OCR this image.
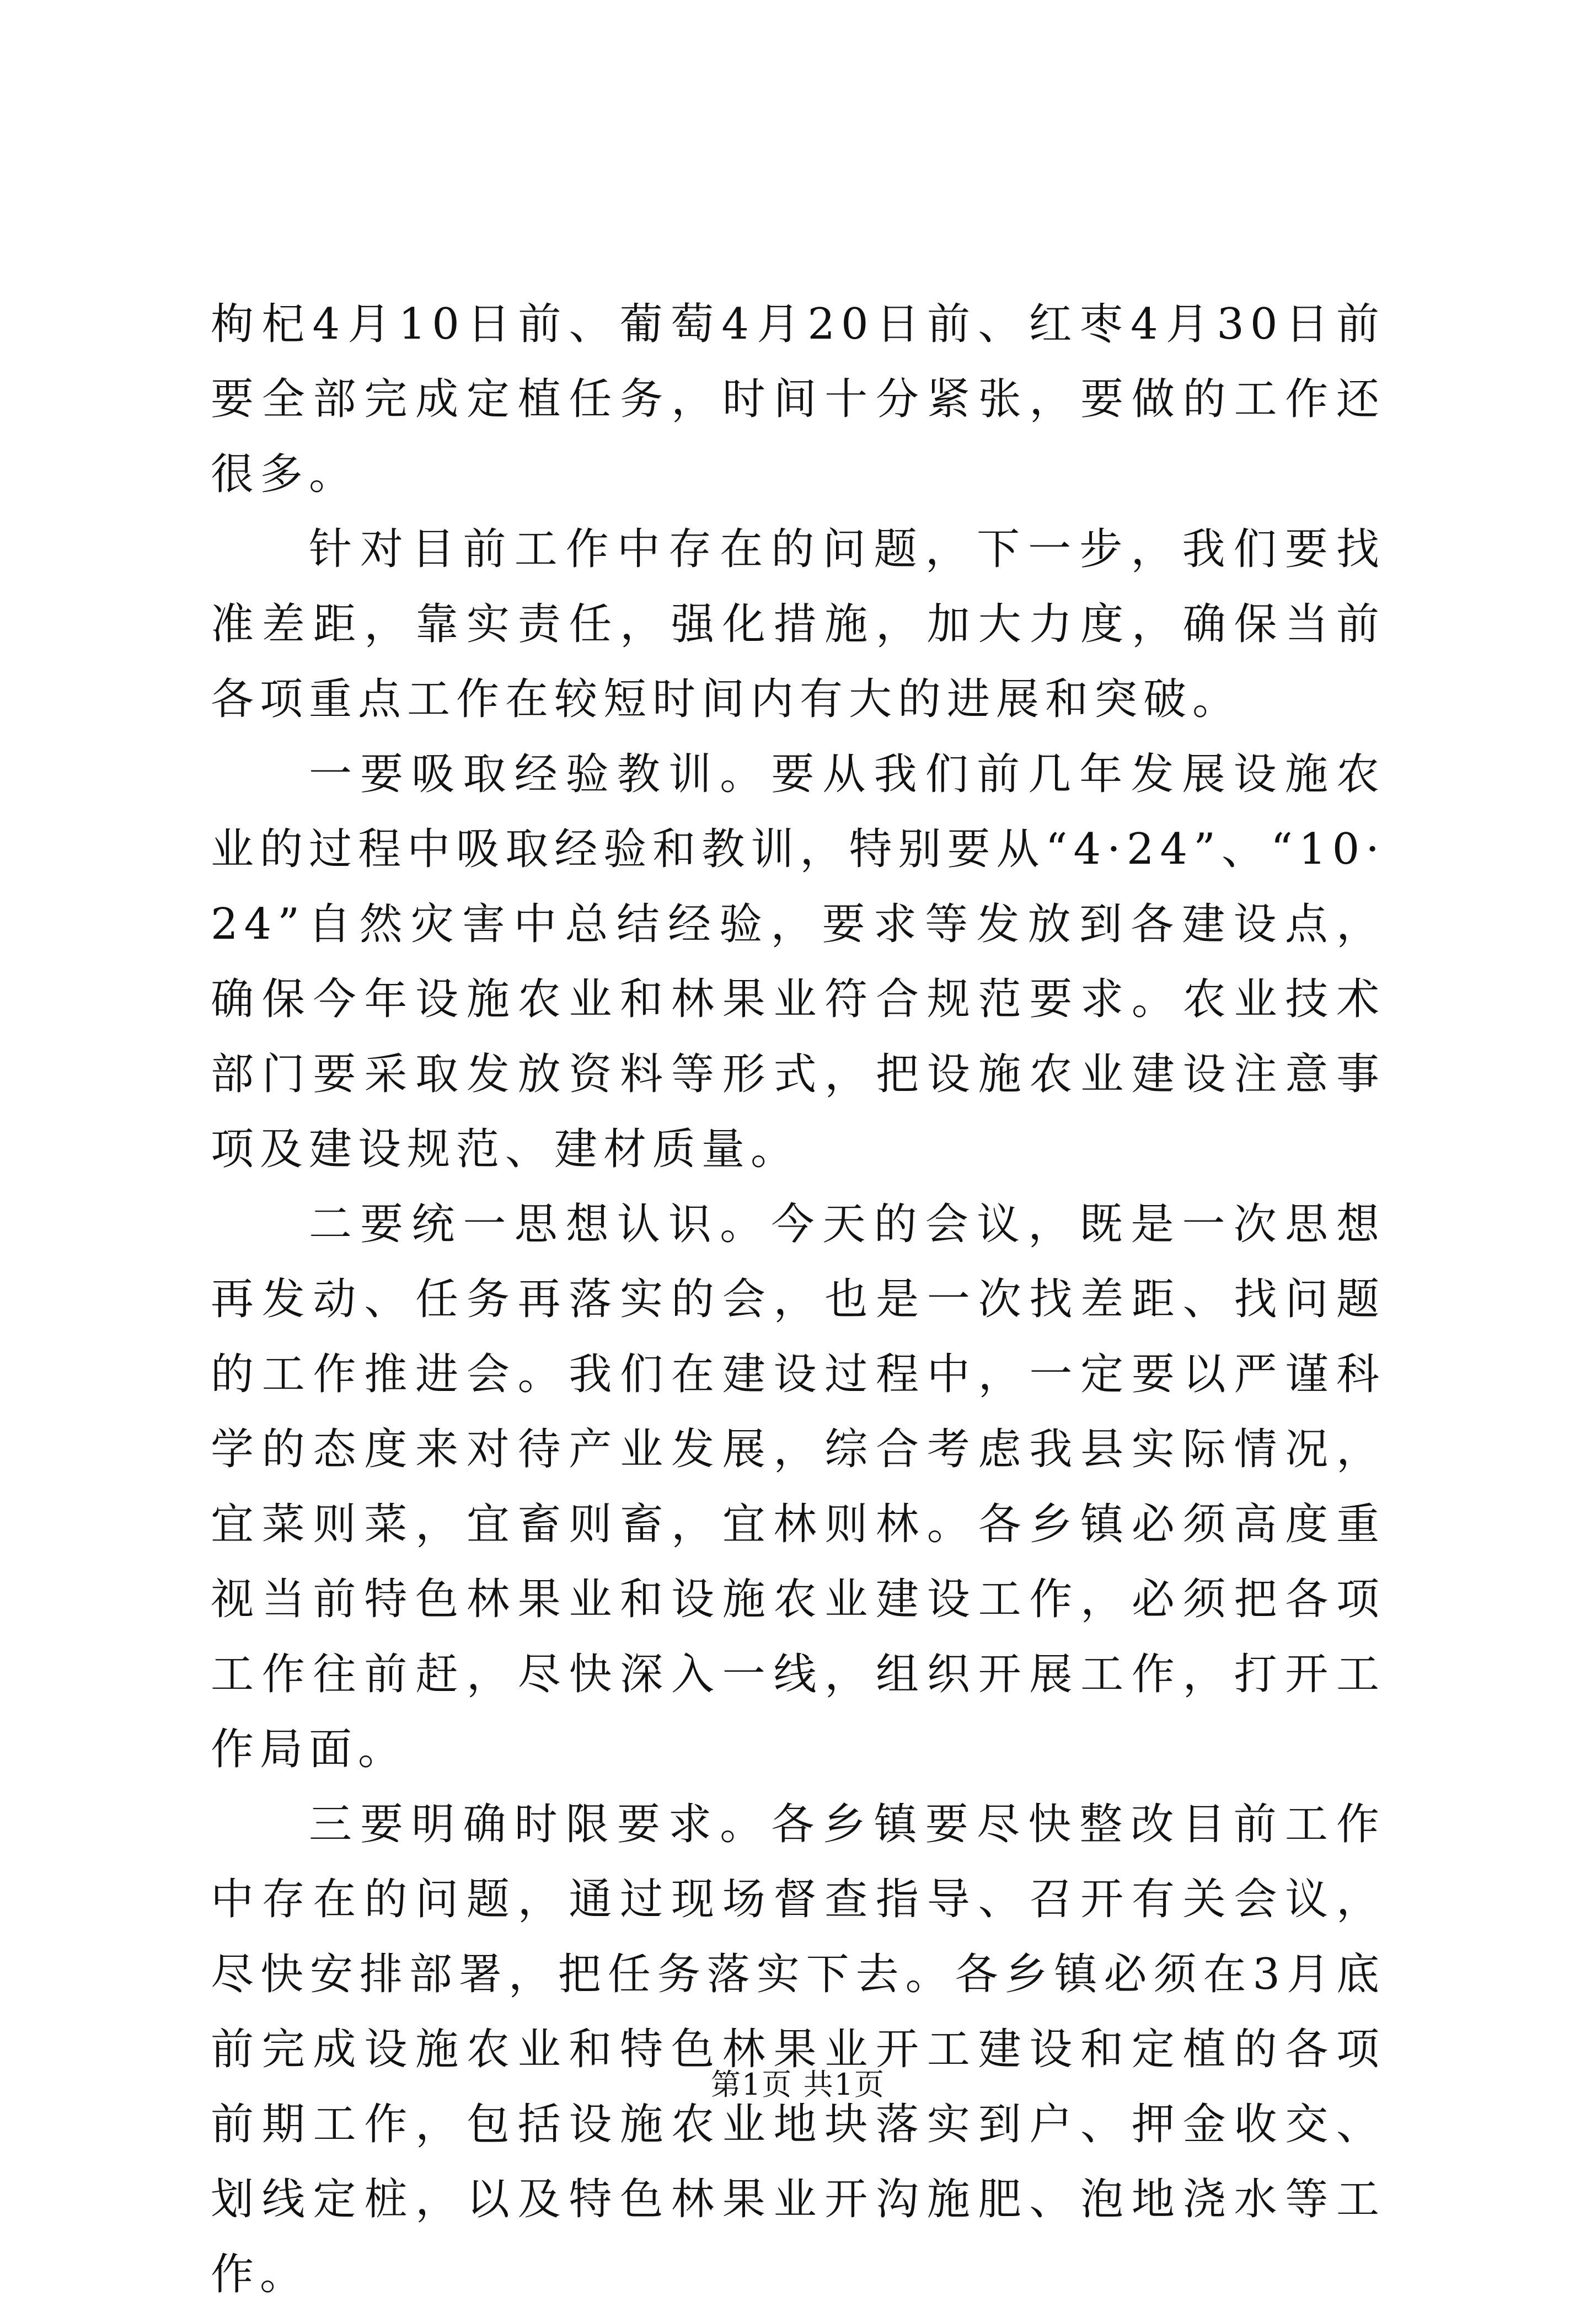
枸杞4月10日前、葡萄4月20日前、红枣4月30日前要全部完成定植任务，时间十分紧张，要做的工作还很多。

针对目前工作中存在的问题，下一步，我们要找准差距，靠实责任，强化措施，加大力度，确保当前各项重点工作在较短时间内有大的进展和突破。

一要吸取经验教训。要从我们前几年发展设施农业的过程中吸取经验和教训，特别要从“4·24”、“10·24”自然灾害中总结经验，要求等发放到各建设点，确保今年设施农业和林果业符合规范要求。农业技术部门要采取发放资料等形式，把设施农业建设注意事项及建设规范、建材质量。

二要统一思想认识。今天的会议，既是一次思想再发动、任务再落实的会，也是一次找差距、找问题的工作推进会。我们在建设过程中，一定要以严谨科学的态度来对待产业发展，综合考虑我县实际情况，宜菜则菜，宜畜则畜，宜林则林。各乡镇必须高度重视当前特色林果业和设施农业建设工作，必须把各项工作往前赶，尽快深入一线，组织开展工作，打开工作局面。

三要明确时限要求。各乡镇要尽快整改目前工作中存在的问题，通过现场督查指导、召开有关会议，尽快安排部署，把任务落实下去。各乡镇必须在3月底前完成设施农业和特色林果业开工建设和定植的各项前期工作，包括设施农业地块落实到户、押金收交、划线定桩，以及特色林果业开沟施肥、泡地浇水等工作。

第1页 共1页
